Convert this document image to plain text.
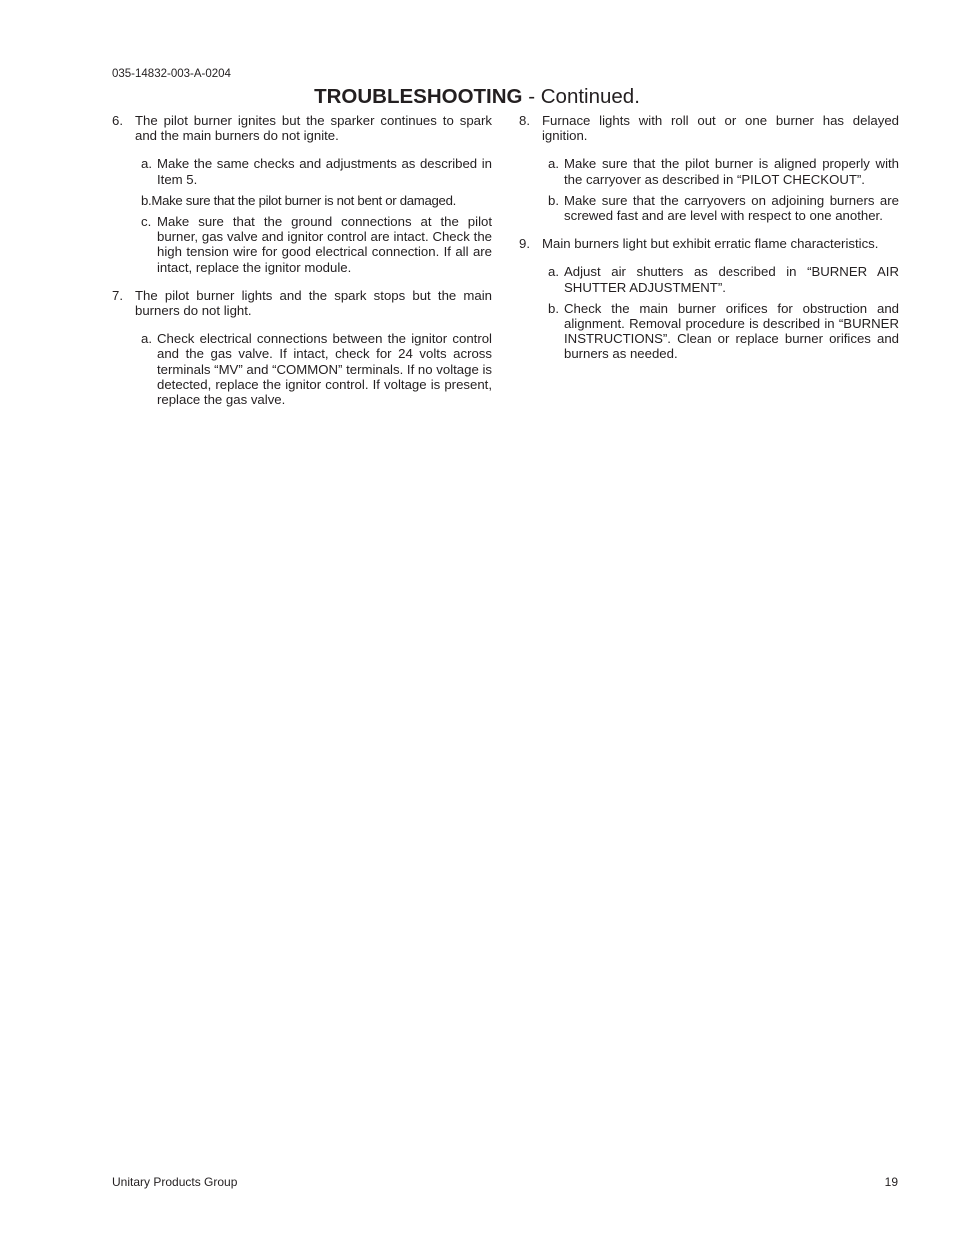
035-14832-003-A-0204
TROUBLESHOOTING - Continued.
6. The pilot burner ignites but the sparker continues to spark and the main burners do not ignite.
a. Make the same checks and adjustments as described in Item 5.
b.Make sure that the pilot burner is not bent or damaged.
c. Make sure that the ground connections at the pilot burner, gas valve and ignitor control are intact. Check the high tension wire for good electrical connection. If all are intact, replace the ignitor module.
7. The pilot burner lights and the spark stops but the main burners do not light.
a. Check electrical connections between the ignitor control and the gas valve. If intact, check for 24 volts across terminals “MV” and “COMMON” terminals. If no voltage is detected, replace the ignitor control. If voltage is present, replace the gas valve.
8. Furnace lights with roll out or one burner has delayed ignition.
a. Make sure that the pilot burner is aligned properly with the carryover as described in “PILOT CHECKOUT”.
b. Make sure that the carryovers on adjoining burners are screwed fast and are level with respect to one another.
9. Main burners light but exhibit erratic flame characteristics.
a. Adjust air shutters as described in “BURNER AIR SHUTTER ADJUSTMENT”.
b. Check the main burner orifices for obstruction and alignment. Removal procedure is described in “BURNER INSTRUCTIONS”. Clean or replace burner orifices and burners as needed.
Unitary Products Group	19
